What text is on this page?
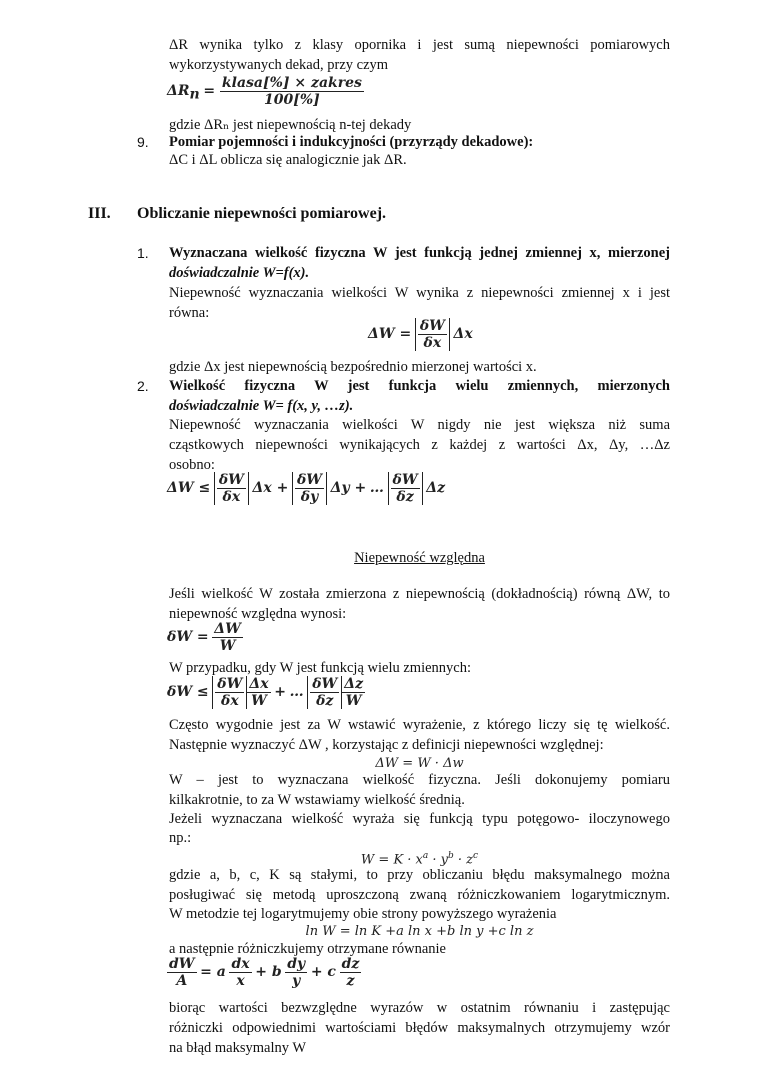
ΔR wynika tylko z klasy opornika i jest sumą niepewności pomiarowych
wykorzystywanych dekad, przy czym
$\Delta R_n = \frac{\text{klasa[\%] × zakres}}{100[\%]}$
gdzie ΔRₙ jest niepewnością n-tej dekady
9. Pomiar pojemności i indukcyjności (przyrządy dekadowe):
ΔC i ΔL oblicza się analogicznie jak ΔR.
III. Obliczanie niepewności pomiarowej.
1. Wyznaczana wielkość fizyczna W jest funkcją jednej zmiennej x, mierzonej
doświadczalnie W=f(x).
Niepewność wyznaczania wielkości W wynika z niepewności zmiennej x i jest
równa:
$\Delta W = \frac{\delta W}{\delta x}$ Δx
gdzie Δx jest niepewnością bezpośrednio mierzonej wartości x.
2. Wielkość fizyczna W jest funkcja wielu zmiennych, mierzonych
doświadczalnie W= f(x, y, …z).
Niepewność wyznaczania wielkości W nigdy nie jest większa niż suma
cząstkowych niepewności wynikających z każdej z wartości Δx, Δy, …Δz
osobno:
$\Delta W \le \frac{\delta W}{\delta x}$ $\Delta x + \frac{\delta W}{\delta y}$ Δy + … $\frac{\delta W}{\delta z}$ Δz
Niepewność względna
Jeśli wielkość W została zmierzona z niepewnością (dokładnością) równą ΔW, to
niepewność względna wynosi:
$\delta W = \frac{\Delta W}{W}$
W przypadku, gdy W jest funkcją wielu zmiennych:
$\delta W \le \frac{\delta W}{\delta x} \frac{\Delta x}{W}$ + … $\frac{\delta W}{\delta z} \frac{\Delta z}{W}$
Często wygodnie jest za W wstawić wyrażenie, z którego liczy się tę wielkość.
Następnie wyznaczyć ΔW , korzystając z definicji niepewności względnej:
ΔW = W · Δw
W – jest to wyznaczana wielkość fizyczna. Jeśli dokonujemy pomiaru
kilkakrotnie, to za W wstawiamy wielkość średnią.
Jeżeli wyznaczana wielkość wyraża się funkcją typu potęgowo- iloczynowego
np.:
$W = K \cdot x^a \cdot y^b \cdot z^c$
gdzie a, b, c, K są stałymi, to przy obliczaniu błędu maksymalnego można
posługiwać się metodą uproszczoną zwaną różniczkowaniem logarytmicznym.
W metodzie tej logarytmujemy obie strony powyższego wyrażenia
ln W = ln K +a ln x +b ln y +c ln z
a następnie różniczkujemy otrzymane równanie
$\frac{dW}{A} = a \frac{dx}{x} + b \frac{dy}{y} + c \frac{dz}{z}$
biorąc wartości bezwzględne wyrazów w ostatnim równaniu i zastępując
różniczki odpowiednimi wartościami błędów maksymalnych otrzymujemy wzór
na błąd maksymalny W
